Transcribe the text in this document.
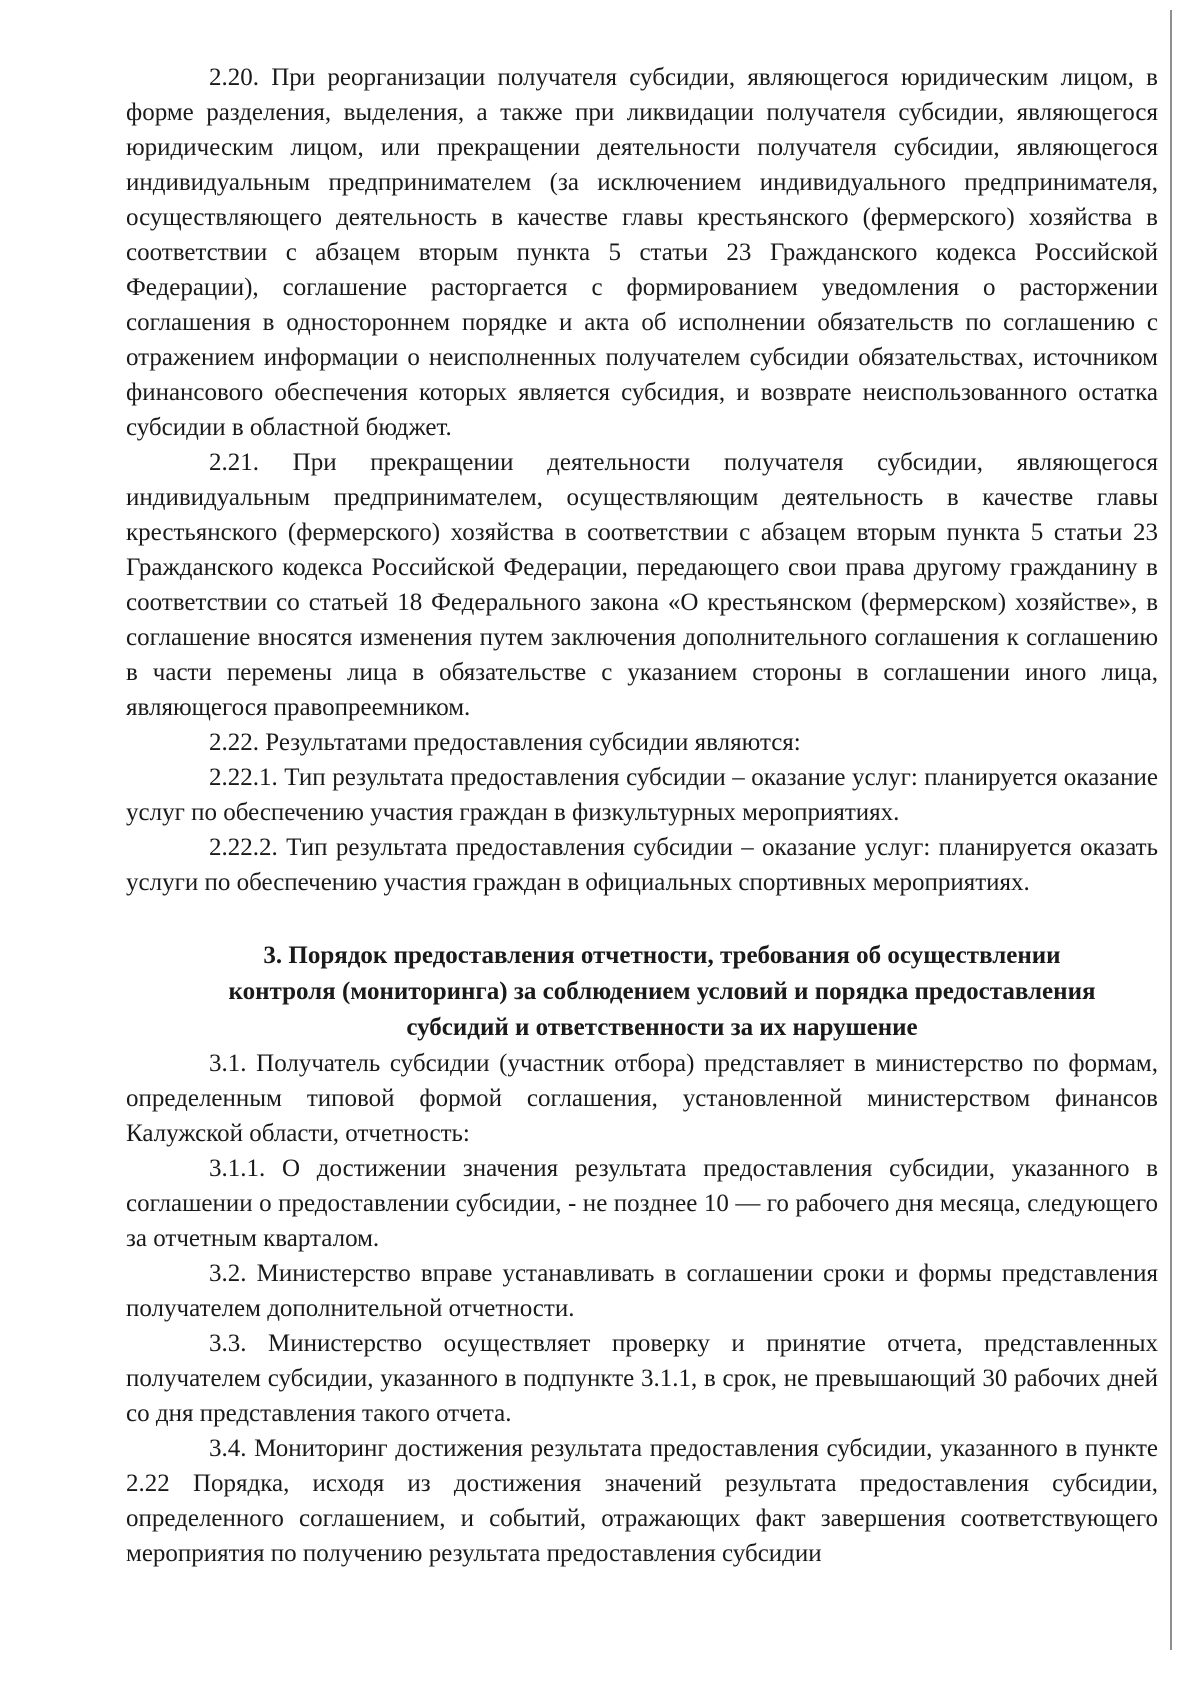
2.20. При реорганизации получателя субсидии, являющегося юридическим лицом, в форме разделения, выделения, а также при ликвидации получателя субсидии, являющегося юридическим лицом, или прекращении деятельности получателя субсидии, являющегося индивидуальным предпринимателем (за исключением индивидуального предпринимателя, осуществляющего деятельность в качестве главы крестьянского (фермерского) хозяйства в соответствии с абзацем вторым пункта 5 статьи 23 Гражданского кодекса Российской Федерации), соглашение расторгается с формированием уведомления о расторжении соглашения в одностороннем порядке и акта об исполнении обязательств по соглашению с отражением информации о неисполненных получателем субсидии обязательствах, источником финансового обеспечения которых является субсидия, и возврате неиспользованного остатка субсидии в областной бюджет.

2.21. При прекращении деятельности получателя субсидии, являющегося индивидуальным предпринимателем, осуществляющим деятельность в качестве главы крестьянского (фермерского) хозяйства в соответствии с абзацем вторым пункта 5 статьи 23 Гражданского кодекса Российской Федерации, передающего свои права другому гражданину в соответствии со статьей 18 Федерального закона «О крестьянском (фермерском) хозяйстве», в соглашение вносятся изменения путем заключения дополнительного соглашения к соглашению в части перемены лица в обязательстве с указанием стороны в соглашении иного лица, являющегося правопреемником.

2.22. Результатами предоставления субсидии являются:

2.22.1. Тип результата предоставления субсидии – оказание услуг: планируется оказание услуг по обеспечению участия граждан в физкультурных мероприятиях.

2.22.2. Тип результата предоставления субсидии – оказание услуг: планируется оказать услуги по обеспечению участия граждан в официальных спортивных мероприятиях.

3. Порядок предоставления отчетности, требования об осуществлении

контроля (мониторинга) за соблюдением условий и порядка предоставления

субсидий и ответственности за их нарушение

3.1. Получатель субсидии (участник отбора) представляет в министерство по формам, определенным типовой формой соглашения, установленной министерством финансов Калужской области, отчетность:

3.1.1. О достижении значения результата предоставления субсидии, указанного в соглашении о предоставлении субсидии, - не позднее 10 — го рабочего дня месяца, следующего за отчетным кварталом.

3.2. Министерство вправе устанавливать в соглашении сроки и формы представления получателем дополнительной отчетности.

3.3. Министерство осуществляет проверку и принятие отчета, представленных получателем субсидии, указанного в подпункте 3.1.1, в срок, не превышающий 30 рабочих дней со дня представления такого отчета.

3.4. Мониторинг достижения результата предоставления субсидии, указанного в пункте 2.22 Порядка, исходя из достижения значений результата предоставления субсидии, определенного соглашением, и событий, отражающих факт завершения соответствующего мероприятия по получению результата предоставления субсидии
